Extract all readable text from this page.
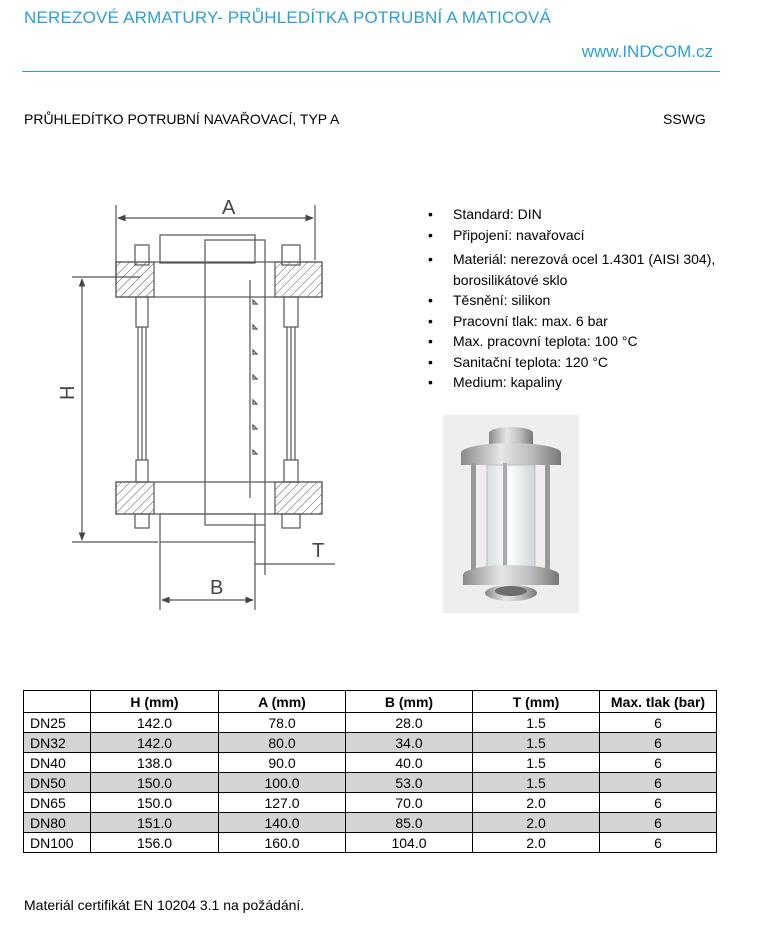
NEREZOVÉ ARMATURY- PRŮHLEDÍTKA POTRUBNÍ A MATICOVÁ
www.INDCOM.cz
PRŮHLEDÍTKO POTRUBNÍ NAVAŘOVACÍ, TYP A	SSWG
A
H
B
T
• Standard: DIN
• Připojení: navařovací
• Materiál: nerezová ocel 1.4301 (AISI 304), borosilikátové sklo
• Těsnění: silikon
• Pracovní tlak: max. 6 bar
• Max. pracovní teplota: 100 °C
• Sanitační teplota: 120 °C
• Medium: kapaliny
	H (mm)	A (mm)	B (mm)	T (mm)	Max. tlak (bar)
DN25	142.0	78.0	28.0	1.5	6
DN32	142.0	80.0	34.0	1.5	6
DN40	138.0	90.0	40.0	1.5	6
DN50	150.0	100.0	53.0	1.5	6
DN65	150.0	127.0	70.0	2.0	6
DN80	151.0	140.0	85.0	2.0	6
DN100	156.0	160.0	104.0	2.0	6
Materiál certifikát EN 10204 3.1 na požádání.
